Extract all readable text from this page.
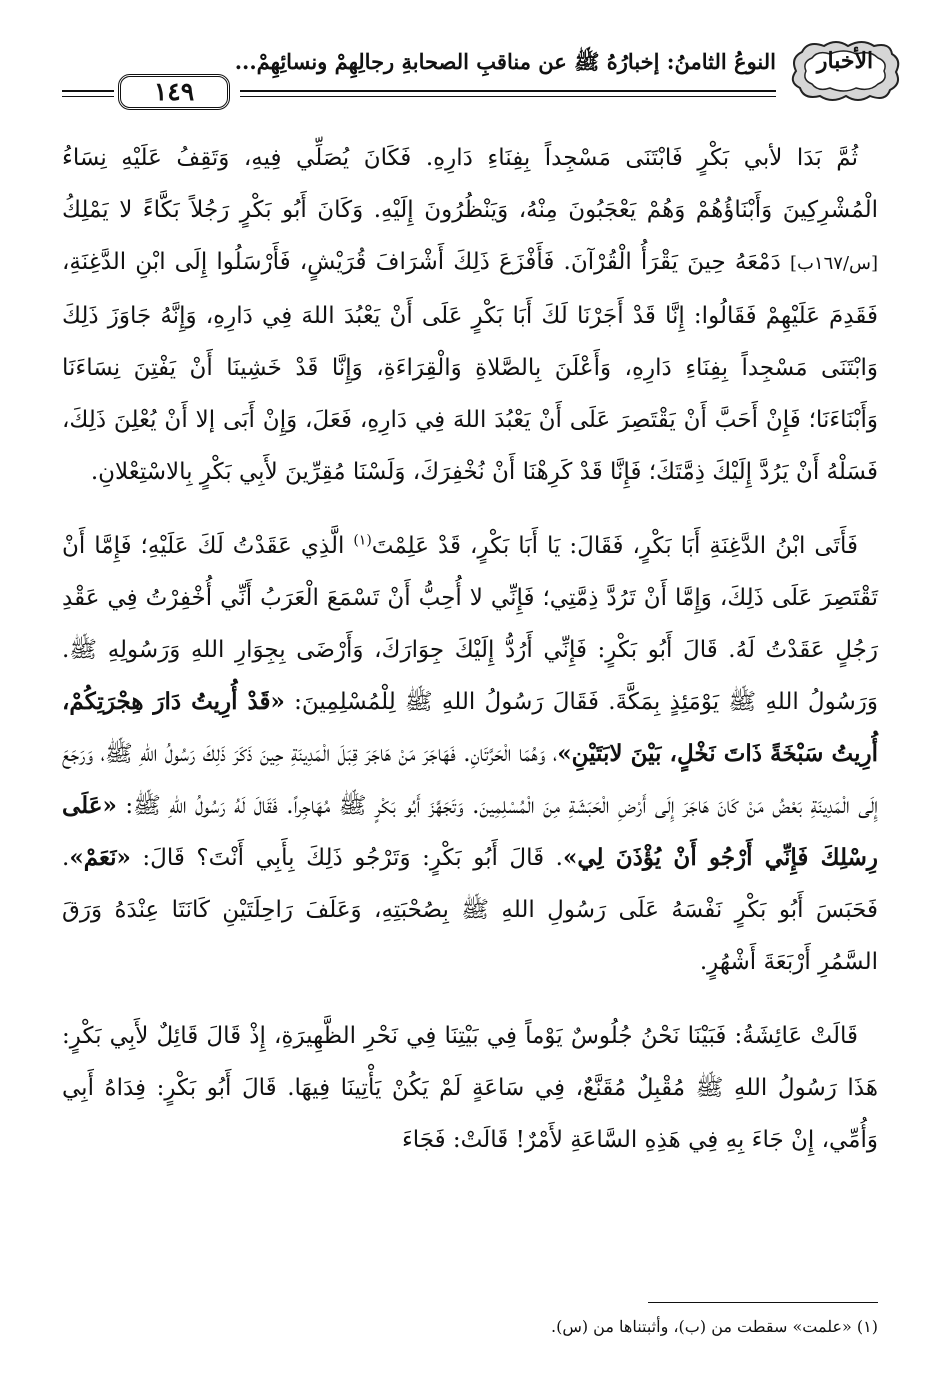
الأخبار
النوعُ الثامنُ: إخبارُهُ ﷺ عن مناقبِ الصحابةِ رجالِهِمْ ونسائِهِمْ...
١٤٩

ثُمَّ بَدَا لأبي بَكْرٍ فَابْتَنَى مَسْجِداً بِفِنَاءِ دَارِهِ. فَكَانَ يُصَلِّي فِيهِ، وَتَقِفُ عَلَيْهِ نِسَاءُ الْمُشْرِكِينَ وَأَبْنَاؤُهُمْ وَهُمْ يَعْجَبُونَ مِنْهُ، وَيَنْظُرُونَ إِلَيْهِ. وَكَانَ أَبُو بَكْرٍ رَجُلاً بَكَّاءً لا يَمْلِكُ [س/١٦٧ب] دَمْعَهُ حِينَ يَقْرَأُ الْقُرْآنَ. فَأَفْزَعَ ذَلِكَ أَشْرَافَ قُرَيْشٍ، فَأَرْسَلُوا إِلَى ابْنِ الدَّغِنَةِ، فَقَدِمَ عَلَيْهِمْ فَقَالُوا: إِنَّا قَدْ أَجَرْنَا لَكَ أَبَا بَكْرٍ عَلَى أَنْ يَعْبُدَ اللهَ فِي دَارِهِ، وَإِنَّهُ جَاوَزَ ذَلِكَ وَابْتَنَى مَسْجِداً بِفِنَاءِ دَارِهِ، وَأَعْلَنَ بِالصَّلاةِ وَالْقِرَاءَةِ، وَإِنَّا قَدْ خَشِينَا أَنْ يَفْتِنَ نِسَاءَنَا وَأَبْنَاءَنَا؛ فَإِنْ أَحَبَّ أَنْ يَقْتَصِرَ عَلَى أَنْ يَعْبُدَ اللهَ فِي دَارِهِ، فَعَلَ، وَإِنْ أَبَى إلا أَنْ يُعْلِنَ ذَلِكَ، فَسَلْهُ أَنْ يَرُدَّ إِلَيْكَ ذِمَّتَكَ؛ فَإِنَّا قَدْ كَرِهْنَا أَنْ نُخْفِرَكَ، وَلَسْنَا مُقِرِّينَ لأَبِي بَكْرٍ بِالاسْتِعْلانِ.

فَأَتَى ابْنُ الدَّغِنَةِ أَبَا بَكْرٍ، فَقَالَ: يَا أَبَا بَكْرٍ، قَدْ عَلِمْتَ$^{(١)}$ الَّذِي عَقَدْتُ لَكَ عَلَيْهِ؛ فَإِمَّا أَنْ تَقْتَصِرَ عَلَى ذَلِكَ، وَإِمَّا أَنْ تَرُدَّ ذِمَّتِي؛ فَإِنِّي لا أُحِبُّ أَنْ تَسْمَعَ الْعَرَبُ أَنِّي أُخْفِرْتُ فِي عَقْدِ رَجُلٍ عَقَدْتُ لَهُ. قَالَ أَبُو بَكْرٍ: فَإِنِّي أَرُدُّ إِلَيْكَ جِوَارَكَ، وَأَرْضَى بِجِوَارِ اللهِ وَرَسُولِهِ ﷺ. وَرَسُولُ اللهِ ﷺ يَوْمَئِذٍ بِمَكَّةَ. فَقَالَ رَسُولُ اللهِ ﷺ لِلْمُسْلِمِينَ: «قَدْ أُرِيتُ دَارَ هِجْرَتِكُمْ، أُرِيتُ سَبْخَةً ذَاتَ نَخْلٍ، بَيْنَ لابَتَيْنِ»، وَهُمَا الْحَرَّتَانِ. فَهَاجَرَ مَنْ هَاجَرَ قِبَلَ الْمَدِينَةِ حِينَ ذَكَرَ ذَلِكَ رَسُولُ اللهِ ﷺ، وَرَجَعَ إِلَى الْمَدِينَةِ بَعْضُ مَنْ كَانَ هَاجَرَ إِلَى أَرْضِ الْحَبَشَةِ مِنَ الْمُسْلِمِينَ. وَتَجَهَّزَ أَبُو بَكْرٍ ﷺ مُهَاجِراً. فَقَالَ لَهُ رَسُولُ اللهِ ﷺ: «عَلَى رِسْلِكَ فَإِنِّي أَرْجُو أَنْ يُؤْذَنَ لِي». قَالَ أَبُو بَكْرٍ: وَتَرْجُو ذَلِكَ بِأَبِي أَنْتَ؟ قَالَ: «نَعَمْ». فَحَبَسَ أَبُو بَكْرٍ نَفْسَهُ عَلَى رَسُولِ اللهِ ﷺ بِصُحْبَتِهِ، وَعَلَفَ رَاحِلَتَيْنِ كَانَتَا عِنْدَهُ وَرَقَ السَّمُرِ أَرْبَعَةَ أَشْهُرٍ.

قَالَتْ عَائِشَةُ: فَبَيْنَا نَحْنُ جُلُوسٌ يَوْماً فِي بَيْتِنَا فِي نَحْرِ الظَّهِيرَةِ، إِذْ قَالَ قَائِلٌ لأَبِي بَكْرٍ: هَذَا رَسُولُ اللهِ ﷺ مُقْبِلٌ مُقَنَّعٌ، فِي سَاعَةٍ لَمْ يَكُنْ يَأْتِينَا فِيهَا. قَالَ أَبُو بَكْرٍ: فِدَاهُ أَبِي وَأُمِّي، إِنْ جَاءَ بِهِ فِي هَذِهِ السَّاعَةِ لأَمْرٌ! قَالَتْ: فَجَاءَ

(١) «علمت» سقطت من (ب)، وأثبتناها من (س).
